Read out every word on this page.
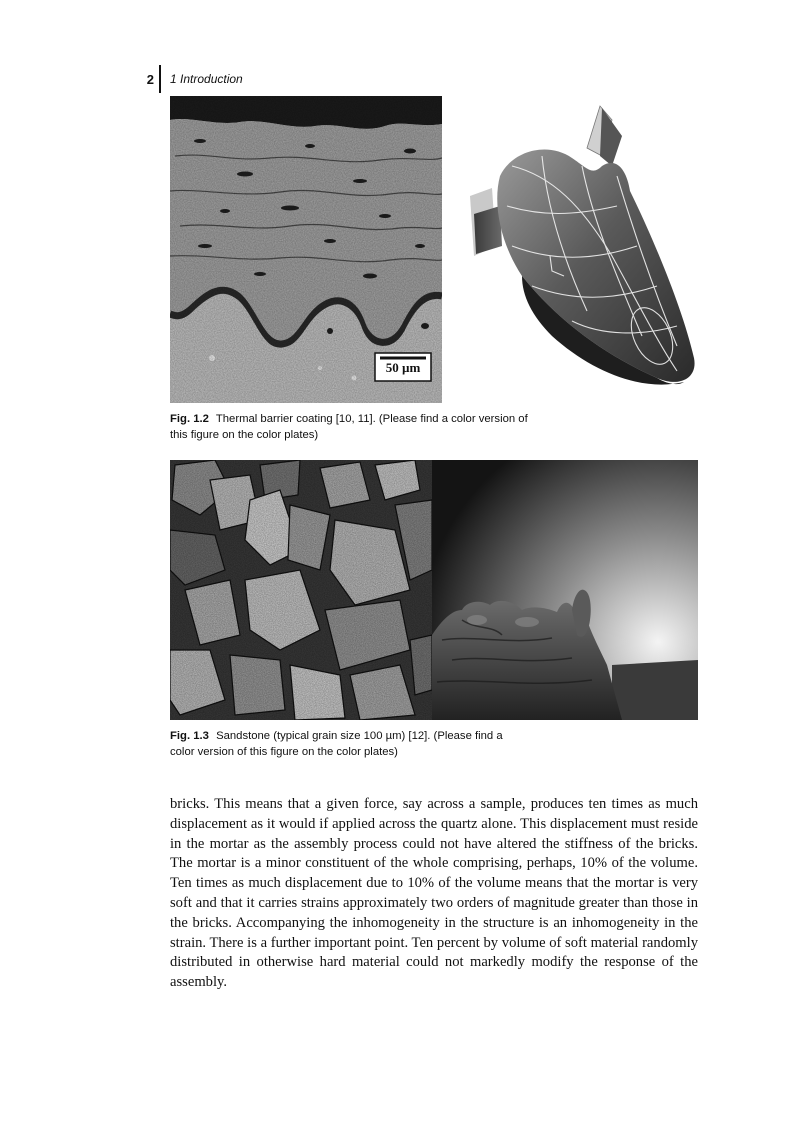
2 1 Introduction
50 µm
Fig. 1.2 Thermal barrier coating [10, 11]. (Please find a color version of this figure on the color plates)
Fig. 1.3 Sandstone (typical grain size 100 µm) [12]. (Please find a color version of this figure on the color plates)

bricks. This means that a given force, say across a sample, produces ten times as much displacement as it would if applied across the quartz alone. This displacement must reside in the mortar as the assembly process could not have altered the stiffness of the bricks. The mortar is a minor constituent of the whole comprising, perhaps, 10% of the volume. Ten times as much displacement due to 10% of the volume means that the mortar is very soft and that it carries strains approximately two orders of magnitude greater than those in the bricks. Accompanying the inhomogeneity in the structure is an inhomogeneity in the strain. There is a further important point. Ten percent by volume of soft material randomly distributed in otherwise hard material could not markedly modify the response of the assembly.
